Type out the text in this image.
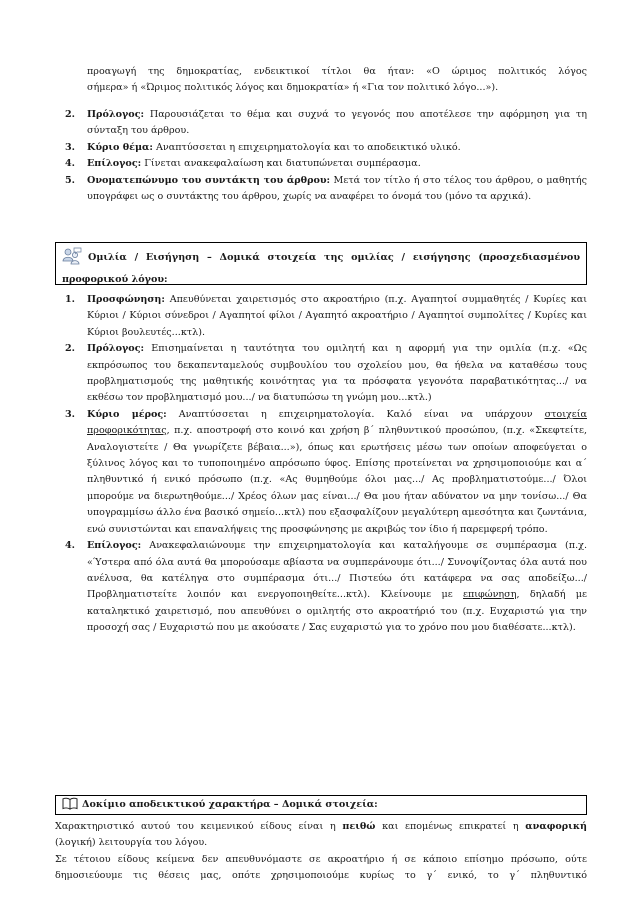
προαγωγή της δημοκρατίας, ενδεικτικοί τίτλοι θα ήταν: «Ο ώριμος πολιτικός λόγος

σήμερα» ή «Ώριμος πολιτικός λόγος και δημοκρατία» ή «Για τον πολιτικό λόγο...»).

2. Πρόλογος: Παρουσιάζεται το θέμα και συχνά το γεγονός που αποτέλεσε την αφόρμηση για τη σύνταξη του άρθρου.

3. Κύριο θέμα: Αναπτύσσεται η επιχειρηματολογία και το αποδεικτικό υλικό.

4. Επίλογος: Γίνεται ανακεφαλαίωση και διατυπώνεται συμπέρασμα.

5. Ονοματεπώνυμο του συντάκτη του άρθρου: Μετά τον τίτλο ή στο τέλος του άρθρου, ο μαθητής υπογράφει ως ο συντάκτης του άρθρου, χωρίς να αναφέρει το όνομά του (μόνο τα αρχικά).

Ομιλία / Εισήγηση – Δομικά στοιχεία της ομιλίας / εισήγησης (προσχεδιασμένου προφορικού λόγου:

1. Προσφώνηση: Απευθύνεται χαιρετισμός στο ακροατήριο (π.χ. Αγαπητοί συμμαθητές / Κυρίες και Κύριοι / Κύριοι σύνεδροι / Αγαπητοί φίλοι / Αγαπητό ακροατήριο / Αγαπητοί συμπολίτες / Κυρίες και Κύριοι βουλευτές...κτλ).

2. Πρόλογος: Επισημαίνεται η ταυτότητα του ομιλητή και η αφορμή για την ομιλία (π.χ. «Ως εκπρόσωπος του δεκαπενταμελούς συμβουλίου του σχολείου μου, θα ήθελα να καταθέσω τους προβληματισμούς της μαθητικής κοινότητας για τα πρόσφατα γεγονότα παραβατικότητας.../ να εκθέσω τον προβληματισμό μου.../ να διατυπώσω τη γνώμη μου...κτλ.)

3. Κύριο μέρος: Αναπτύσσεται η επιχειρηματολογία. Καλό είναι να υπάρχουν στοιχεία προφορικότητας, π.χ. αποστροφή στο κοινό και χρήση β΄ πληθυντικού προσώπου, (π.χ. «Σκεφτείτε, Αναλογιστείτε / Θα γνωρίζετε βέβαια...»), όπως και ερωτήσεις μέσω των οποίων αποφεύγεται ο ξύλινος λόγος και το τυποποιημένο απρόσωπο ύφος. Επίσης προτείνεται να χρησιμοποιούμε και α΄ πληθυντικό ή ενικό πρόσωπο (π.χ. «Ας θυμηθούμε όλοι μας.../ Ας προβληματιστούμε.../ Όλοι μπορούμε να διερωτηθούμε.../ Χρέος όλων μας είναι.../ Θα μου ήταν αδύνατον να μην τονίσω.../ Θα υπογραμμίσω άλλο ένα βασικό σημείο...κτλ) που εξασφαλίζουν μεγαλύτερη αμεσότητα και ζωντάνια, ενώ συνιστώνται και επαναλήψεις της προσφώνησης με ακριβώς τον ίδιο ή παρεμφερή τρόπο.

4. Επίλογος: Ανακεφαλαιώνουμε την επιχειρηματολογία και καταλήγουμε σε συμπέρασμα (π.χ. «Ύστερα από όλα αυτά θα μπορούσαμε αβίαστα να συμπεράνουμε ότι.../ Συνοψίζοντας όλα αυτά που ανέλυσα, θα κατέληγα στο συμπέρασμα ότι.../ Πιστεύω ότι κατάφερα να σας αποδείξω.../ Προβληματιστείτε λοιπόν και ενεργοποιηθείτε...κτλ). Κλείνουμε με επιφώνηση, δηλαδή με καταληκτικό χαιρετισμό, που απευθύνει ο ομιλητής στο ακροατήριό του (π.χ. Ευχαριστώ για την προσοχή σας / Ευχαριστώ που με ακούσατε / Σας ευχαριστώ για το χρόνο που μου διαθέσατε...κτλ).

Δοκίμιο αποδεικτικού χαρακτήρα – Δομικά στοιχεία:

Χαρακτηριστικό αυτού του κειμενικού είδους είναι η πειθώ και επομένως επικρατεί η αναφορική (λογική) λειτουργία του λόγου.

Σε τέτοιου είδους κείμενα δεν απευθυνόμαστε σε ακροατήριο ή σε κάποιο επίσημο πρόσωπο, ούτε δημοσιεύουμε τις θέσεις μας, οπότε χρησιμοποιούμε κυρίως το γ΄ ενικό, το γ΄ πληθυντικό
